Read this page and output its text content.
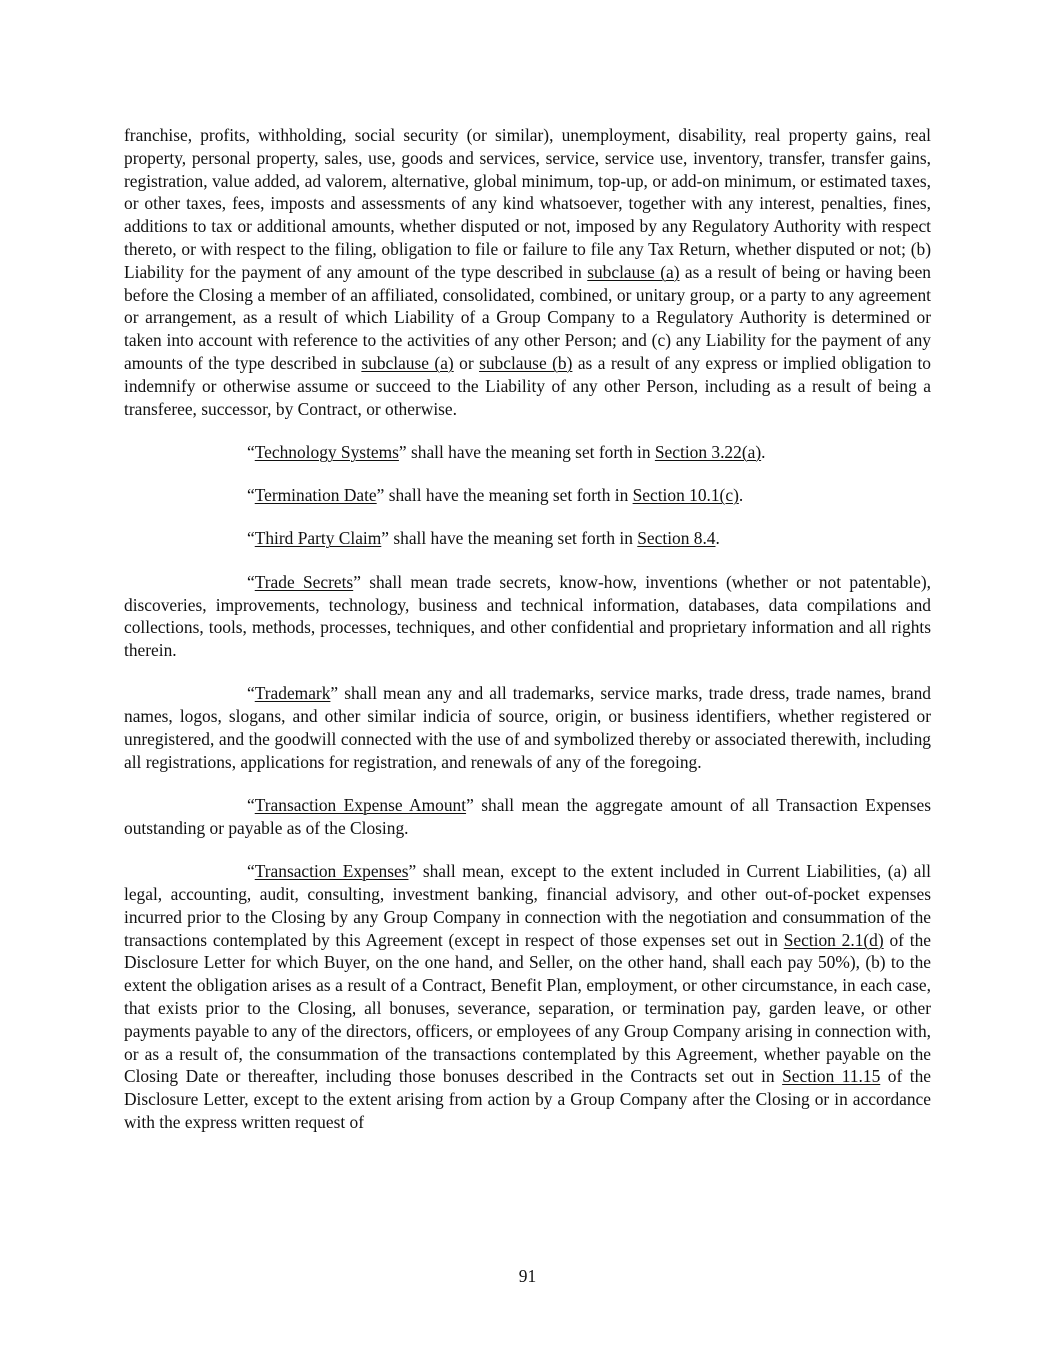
franchise, profits, withholding, social security (or similar), unemployment, disability, real property gains, real property, personal property, sales, use, goods and services, service, service use, inventory, transfer, transfer gains, registration, value added, ad valorem, alternative, global minimum, top-up, or add-on minimum, or estimated taxes, or other taxes, fees, imposts and assessments of any kind whatsoever, together with any interest, penalties, fines, additions to tax or additional amounts, whether disputed or not, imposed by any Regulatory Authority with respect thereto, or with respect to the filing, obligation to file or failure to file any Tax Return, whether disputed or not; (b) Liability for the payment of any amount of the type described in subclause (a) as a result of being or having been before the Closing a member of an affiliated, consolidated, combined, or unitary group, or a party to any agreement or arrangement, as a result of which Liability of a Group Company to a Regulatory Authority is determined or taken into account with reference to the activities of any other Person; and (c) any Liability for the payment of any amounts of the type described in subclause (a) or subclause (b) as a result of any express or implied obligation to indemnify or otherwise assume or succeed to the Liability of any other Person, including as a result of being a transferee, successor, by Contract, or otherwise.

“Technology Systems” shall have the meaning set forth in Section 3.22(a).

“Termination Date” shall have the meaning set forth in Section 10.1(c).

“Third Party Claim” shall have the meaning set forth in Section 8.4.

“Trade Secrets” shall mean trade secrets, know-how, inventions (whether or not patentable), discoveries, improvements, technology, business and technical information, databases, data compilations and collections, tools, methods, processes, techniques, and other confidential and proprietary information and all rights therein.

“Trademark” shall mean any and all trademarks, service marks, trade dress, trade names, brand names, logos, slogans, and other similar indicia of source, origin, or business identifiers, whether registered or unregistered, and the goodwill connected with the use of and symbolized thereby or associated therewith, including all registrations, applications for registration, and renewals of any of the foregoing.

“Transaction Expense Amount” shall mean the aggregate amount of all Transaction Expenses outstanding or payable as of the Closing.

“Transaction Expenses” shall mean, except to the extent included in Current Liabilities, (a) all legal, accounting, audit, consulting, investment banking, financial advisory, and other out-of-pocket expenses incurred prior to the Closing by any Group Company in connection with the negotiation and consummation of the transactions contemplated by this Agreement (except in respect of those expenses set out in Section 2.1(d) of the Disclosure Letter for which Buyer, on the one hand, and Seller, on the other hand, shall each pay 50%), (b) to the extent the obligation arises as a result of a Contract, Benefit Plan, employment, or other circumstance, in each case, that exists prior to the Closing, all bonuses, severance, separation, or termination pay, garden leave, or other payments payable to any of the directors, officers, or employees of any Group Company arising in connection with, or as a result of, the consummation of the transactions contemplated by this Agreement, whether payable on the Closing Date or thereafter, including those bonuses described in the Contracts set out in Section 11.15 of the Disclosure Letter, except to the extent arising from action by a Group Company after the Closing or in accordance with the express written request of

91
